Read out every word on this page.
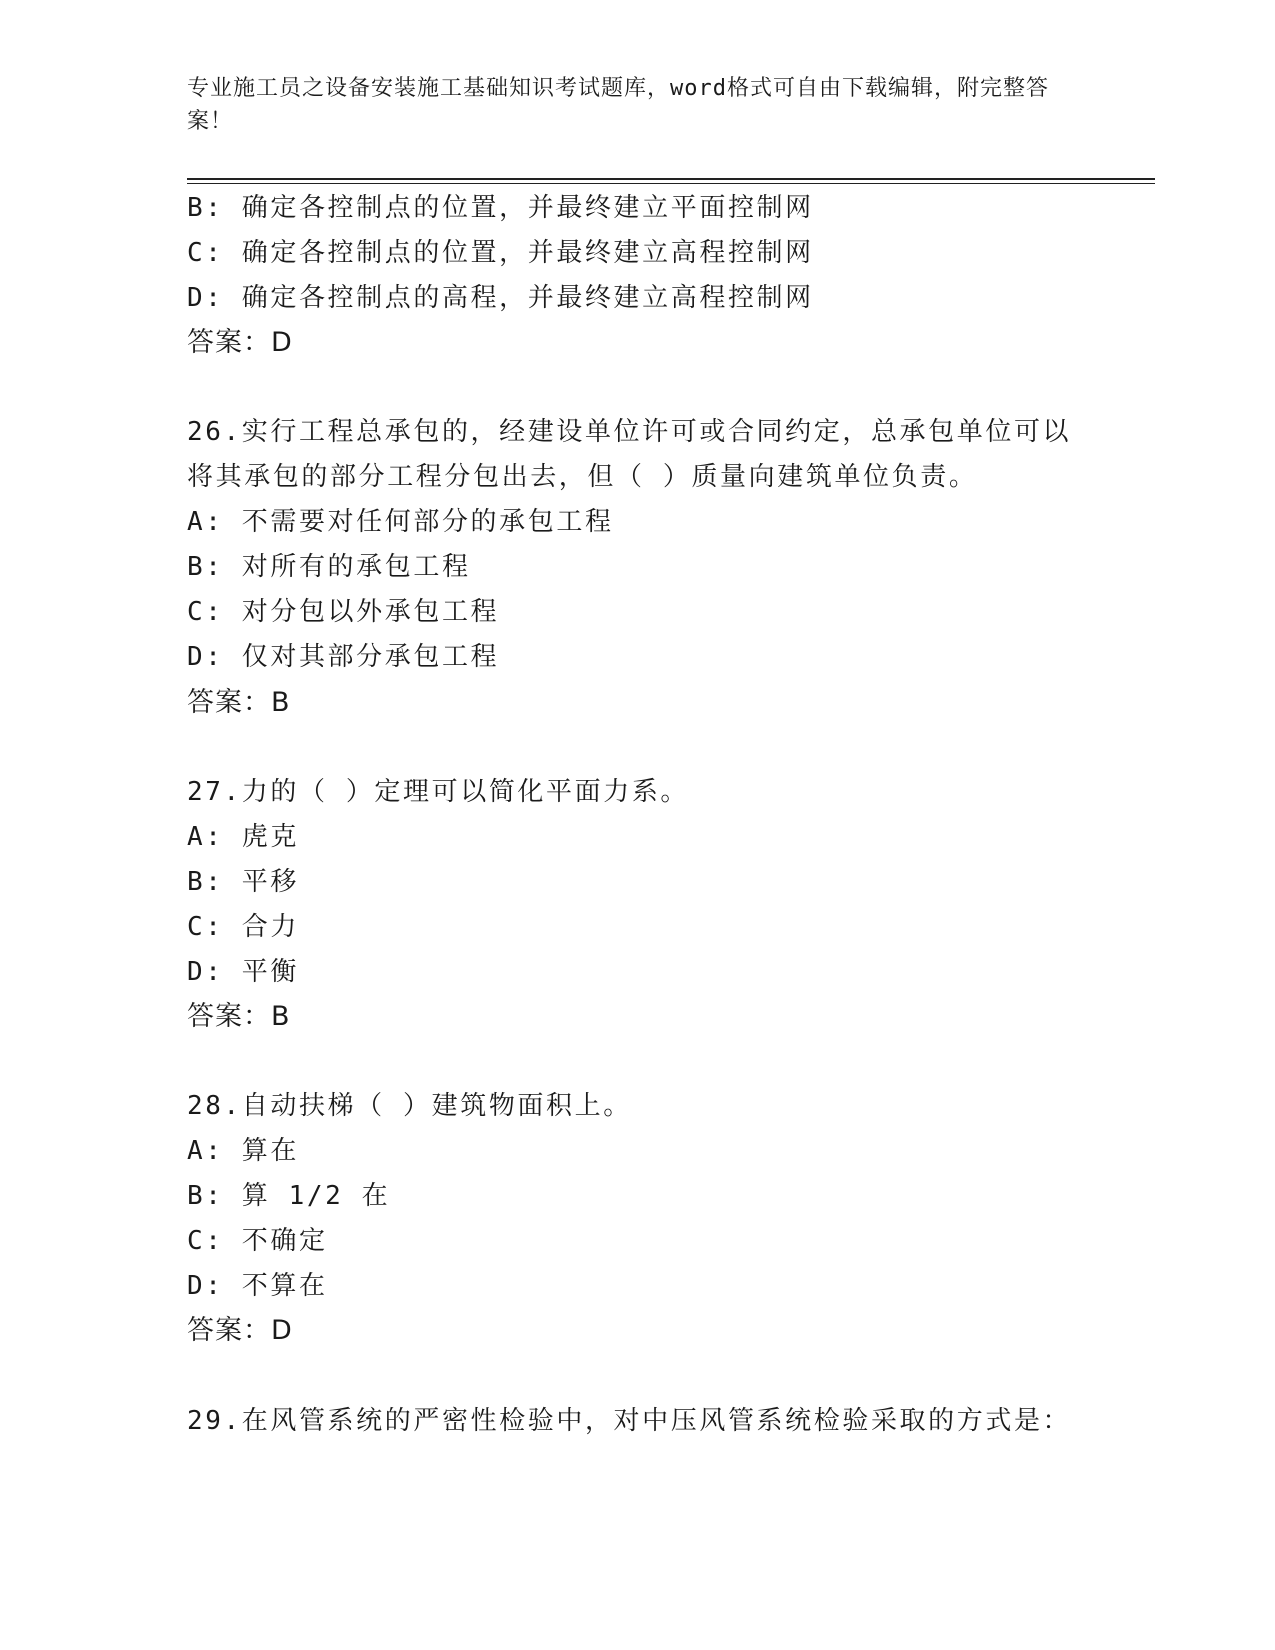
专业施工员之设备安装施工基础知识考试题库，word格式可自由下载编辑，附完整答案！
B: 确定各控制点的位置，并最终建立平面控制网
C: 确定各控制点的位置，并最终建立高程控制网
D: 确定各控制点的高程，并最终建立高程控制网
答案：D
26.实行工程总承包的，经建设单位许可或合同约定，总承包单位可以
将其承包的部分工程分包出去，但（ ）质量向建筑单位负责。
A: 不需要对任何部分的承包工程
B: 对所有的承包工程
C: 对分包以外承包工程
D: 仅对其部分承包工程
答案：B
27.力的（ ）定理可以简化平面力系。
A: 虎克
B: 平移
C: 合力
D: 平衡
答案：B
28.自动扶梯（ ）建筑物面积上。
A: 算在
B: 算 1/2 在
C: 不确定
D: 不算在
答案：D
29.在风管系统的严密性检验中，对中压风管系统检验采取的方式是：
